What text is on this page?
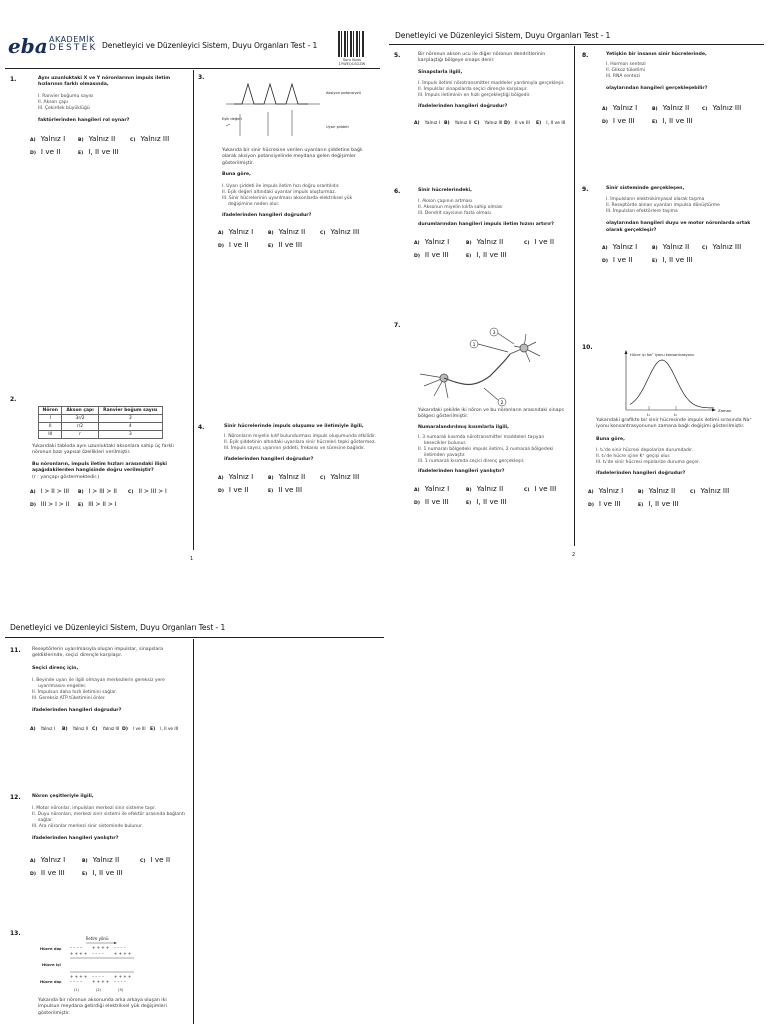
eba AKADEMİK
DESTEK Denetleyici ve Düzenleyici Sistem, Duyu Organları Test - 1
Soru Kodu
1YWEQCSGZW
1.	Aynı uzunluktaki X ve Y nöronlarının impuls iletim hızlarının farklı olmasında,
I. Ranvier boğumu sayısı
II. Akson çapı
III. Çekirdek büyüklüğü
faktörlerinden hangileri rol oynar?
A) Yalnız I	B) Yalnız II	C) Yalnız III
D) I ve II	E) I, II ve III
2.
Nöron	Akson çapı	Ranvier boğum sayısı
I	3r/2	3
II	r/2	4
III	r	3
Yukarıdaki tabloda aynı uzunluktaki aksonlara sahip üç farklı nöronun bazı yapısal özellikleri verilmiştir.
Bu nöronların, impuls iletim hızları arasındaki ilişki aşağıdakilerden hangisinde doğru verilmiştir?
(r : yarıçapı göstermektedir.)
A) I > II > III B) I > III > II C) II > III > I
D) III > I > II E) III > II > I
3.
Aksiyon potansiyeli
Eşik değeri
Uyarı şiddeti
Yukarıda bir sinir hücresine verilen uyarıların şiddetine bağlı olarak aksiyon potansiyelinde meydana gelen değişimler gösterilmiştir.
Buna göre,
I. Uyarı şiddeti ile impuls iletim hızı doğru orantılıdır.
II. Eşik değeri altındaki uyarılar impuls oluşturmaz.
III. Sinir hücrelerinin uyarılması aksonlarda elektriksel yük değişimine neden olur.
ifadelerinden hangileri doğrudur?
A) Yalnız I	B) Yalnız II	C) Yalnız III
D) I ve II	E) II ve III
4.	Sinir hücrelerinde impuls oluşumu ve iletimiyle ilgili,
I. Nöronların miyelin kılıf bulundurması impuls oluşumunda etkilidir.
II. Eşik şiddetinin altındaki uyarılara sinir hücreleri tepki göstermez.
III. İmpuls sayısı; uyarının şiddeti, frekansı ve süresine bağlıdır.
ifadelerinden hangileri doğrudur?
A) Yalnız I	B) Yalnız II	C) Yalnız III
D) I ve II	E) II ve III
1
Denetleyici ve Düzenleyici Sistem, Duyu Organları Test - 1
5.	Bir nöronun akson ucu ile diğer nöronun dendritlerinin karşılaştığı bölgeye sinaps denir.
Sinapslarla ilgili,
I. İmpuls iletimi nörotransmitter maddeler yardımıyla gerçekleşir.
II. İmpulslar sinapslarda seçici dirençle karşılaşır.
III. İmpuls iletiminin en hızlı gerçekleştiği bölgedir.
ifadelerinden hangileri doğrudur?
A) Yalnız I B) Yalnız II C) Yalnız III D) II ve III E) I, II ve III
6.	Sinir hücrelerindeki,
I. Akson çapının artması
II. Aksonun miyelin kılıfa sahip olması
III. Dendrit sayısının fazla olması
durumlarından hangileri impuls iletim hızını artırır?
A) Yalnız I	B) Yalnız II	C) I ve II
D) II ve III	E) I, II ve III
7.
1
2
3
Yukarıdaki şekilde iki nöron ve bu nöronların arasındaki sinaps bölgesi gösterilmiştir.
Numaralandırılmış kısımlarla ilgili,
I. 3 numaralı kısımda nörotransmitter maddeleri taşıyan kesecikler bulunur.
II. 1 numaralı bölgedeki impuls iletimi, 2 numaralı bölgedeki iletimden yavaştır.
III. 1 numaralı kısımda seçici direnç gerçekleşir.
ifadelerinden hangileri yanlıştır?
A) Yalnız I	B) Yalnız II	C) I ve III
D) II ve III	E) I, II ve III
8.	Yetişkin bir insanın sinir hücrelerinde,
I. Hormon sentezi
II. Glikoz tüketimi
III. RNA sentezi
olaylarından hangileri gerçekleşebilir?
A) Yalnız I	B) Yalnız II	C) Yalnız III
D) I ve III	E) I, II ve III
9.	Sinir sisteminde gerçekleşen,
I. İmpulsların elektrokimyasal olarak taşıma
II. Reseptörde alınan uyarıları impulsa dönüştürme
III. İmpulsları efektörlere taşıma
olaylarından hangileri duyu ve motor nöronlarda ortak olarak gerçekleşir?
A) Yalnız I	B) Yalnız II	C) Yalnız III
D) I ve II	E) I, II ve III
10.
Hücre içi Na⁺ iyonu konsantrasyonu
Zaman
t₁	t₂
Yukarıdaki grafikte bir sinir hücresinde impuls iletimi sırasında Na⁺ iyonu konsantrasyonunun zamana bağlı değişimi gösterilmiştir.
Buna göre,
I. t₁'de sinir hücresi depolarize durumdadır.
II. t₁'de hücre içine K⁺ geçişi olur.
III. t₂'de sinir hücresi repolarize duruma geçer.
ifadelerinden hangileri doğrudur?
A) Yalnız I	B) Yalnız II	C) Yalnız III
D) I ve III	E) I, II ve III
2
Denetleyici ve Düzenleyici Sistem, Duyu Organları Test - 1
11. Reseptörlerin uyarılmasıyla oluşan impulslar, sinapslara geldiklerinde, seçici dirençle karşılaşır.
Seçici direnç için,
I. Beyinde uyarı ile ilgili olmayan merkezlerin gereksiz yere uyarılmasını engeller.
II. İmpulsun daha hızlı iletimini sağlar.
III. Gereksiz ATP tüketimini önler.
ifadelerinden hangileri doğrudur?
A) Yalnız I B) Yalnız II C) Yalnız III D) I ve III E) I, II ve III
12. Nöron çeşitleriyle ilgili,
I. Motor nöronlar, impulsları merkezi sinir sisteme taşır.
II. Duyu nöronları, merkezi sinir sistemi ile efektör arasında bağlantı sağlar.
III. Ara nöronlar merkezi sinir sisteminde bulunur.
ifadelerinden hangileri yanlıştır?
A) Yalnız I	B) Yalnız II	C) I ve II
D) II ve III	E) I, II ve III
13.
İletim yönü
Hücre dışı
Hücre içi
Hücre dışı
– – – –
+ + + +
+ + + +
– – – –
– – – –
+ + + +
+ + + +
– – – –
– – – –
+ + + +
+ + + +
– – – –
(1)	(2)	(3)
Yukarıda bir nöronun aksonunda arka arkaya oluşan iki impulsun meydana getirdiği elektriksel yük değişimleri gösterilmiştir.
